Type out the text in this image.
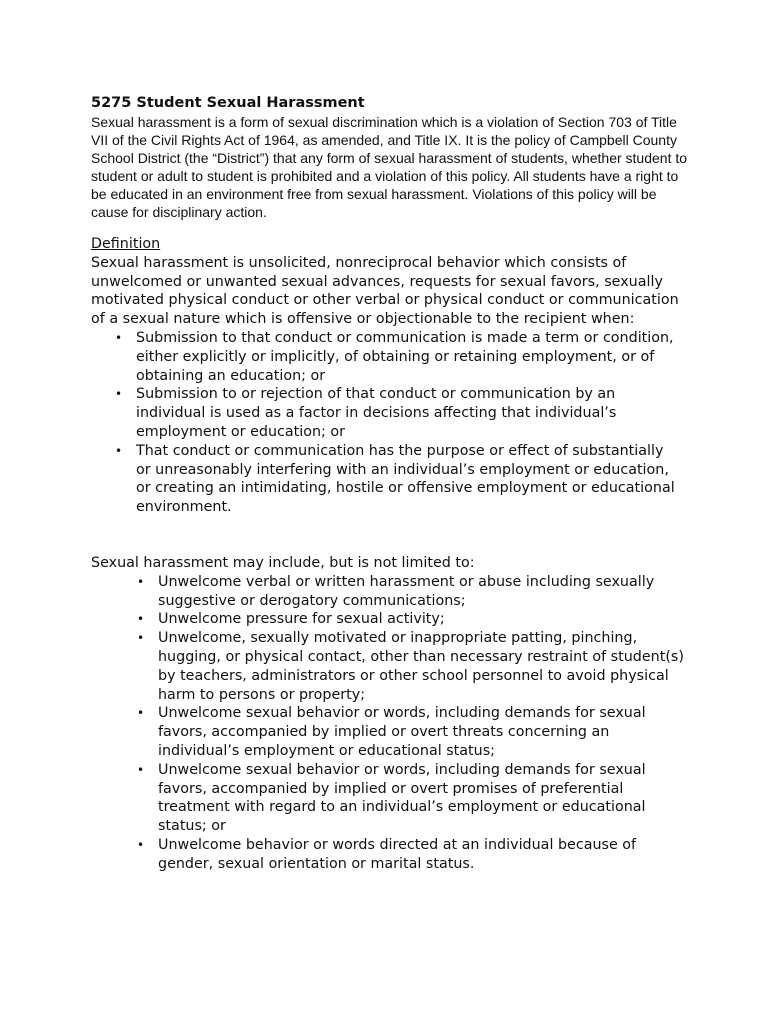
5275 Student Sexual Harassment

Sexual harassment is a form of sexual discrimination which is a violation of Section 703 of Title VII of the Civil Rights Act of 1964, as amended, and Title IX. It is the policy of Campbell County School District (the “District”) that any form of sexual harassment of students, whether student to student or adult to student is prohibited and a violation of this policy. All students have a right to be educated in an environment free from sexual harassment. Violations of this policy will be cause for disciplinary action.

Definition

Sexual harassment is unsolicited, nonreciprocal behavior which consists of unwelcomed or unwanted sexual advances, requests for sexual favors, sexually motivated physical conduct or other verbal or physical conduct or communication of a sexual nature which is offensive or objectionable to the recipient when:

• Submission to that conduct or communication is made a term or condition, either explicitly or implicitly, of obtaining or retaining employment, or of obtaining an education; or
• Submission to or rejection of that conduct or communication by an individual is used as a factor in decisions affecting that individual’s employment or education; or
• That conduct or communication has the purpose or effect of substantially or unreasonably interfering with an individual’s employment or education, or creating an intimidating, hostile or offensive employment or educational environment.

Sexual harassment may include, but is not limited to:

• Unwelcome verbal or written harassment or abuse including sexually suggestive or derogatory communications;
• Unwelcome pressure for sexual activity;
• Unwelcome, sexually motivated or inappropriate patting, pinching, hugging, or physical contact, other than necessary restraint of student(s) by teachers, administrators or other school personnel to avoid physical harm to persons or property;
• Unwelcome sexual behavior or words, including demands for sexual favors, accompanied by implied or overt threats concerning an individual’s employment or educational status;
• Unwelcome sexual behavior or words, including demands for sexual favors, accompanied by implied or overt promises of preferential treatment with regard to an individual’s employment or educational status; or
• Unwelcome behavior or words directed at an individual because of gender, sexual orientation or marital status.
